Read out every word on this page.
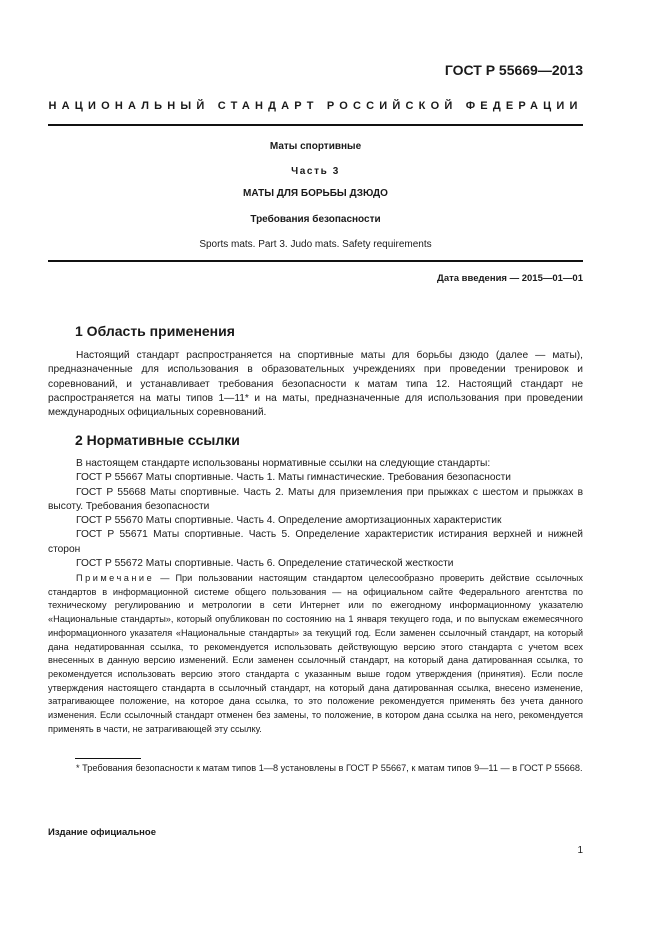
ГОСТ Р 55669—2013
НАЦИОНАЛЬНЫЙ СТАНДАРТ РОССИЙСКОЙ ФЕДЕРАЦИИ
Маты спортивные
Часть 3
МАТЫ ДЛЯ БОРЬБЫ ДЗЮДО
Требования безопасности
Sports mats. Part 3. Judo mats. Safety requirements
Дата введения — 2015—01—01
1 Область применения
Настоящий стандарт распространяется на спортивные маты для борьбы дзюдо (далее — маты), предназначенные для использования в образовательных учреждениях при проведении тренировок и соревнований, и устанавливает требования безопасности к матам типа 12. Настоящий стандарт не распространяется на маты типов 1—11* и на маты, предназначенные для использования при проведении международных официальных соревнований.
2 Нормативные ссылки
В настоящем стандарте использованы нормативные ссылки на следующие стандарты:
ГОСТ Р 55667 Маты спортивные. Часть 1. Маты гимнастические. Требования безопасности
ГОСТ Р 55668 Маты спортивные. Часть 2. Маты для приземления при прыжках с шестом и прыжках в высоту. Требования безопасности
ГОСТ Р 55670 Маты спортивные. Часть 4. Определение амортизационных характеристик
ГОСТ Р 55671 Маты спортивные. Часть 5. Определение характеристик истирания верхней и нижней сторон
ГОСТ Р 55672 Маты спортивные. Часть 6. Определение статической жесткости
Примечание — При пользовании настоящим стандартом целесообразно проверить действие ссылочных стандартов в информационной системе общего пользования — на официальном сайте Федерального агентства по техническому регулированию и метрологии в сети Интернет или по ежегодному информационному указателю «Национальные стандарты», который опубликован по состоянию на 1 января текущего года, и по выпускам ежемесячного информационного указателя «Национальные стандарты» за текущий год. Если заменен ссылочный стандарт, на который дана недатированная ссылка, то рекомендуется использовать действующую версию этого стандарта с учетом всех внесенных в данную версию изменений. Если заменен ссылочный стандарт, на который дана датированная ссылка, то рекомендуется использовать версию этого стандарта с указанным выше годом утверждения (принятия). Если после утверждения настоящего стандарта в ссылочный стандарт, на который дана датированная ссылка, внесено изменение, затрагивающее положение, на которое дана ссылка, то это положение рекомендуется применять без учета данного изменения. Если ссылочный стандарт отменен без замены, то положение, в котором дана ссылка на него, рекомендуется применять в части, не затрагивающей эту ссылку.
* Требования безопасности к матам типов 1—8 установлены в ГОСТ Р 55667, к матам типов 9—11 — в ГОСТ Р 55668.
Издание официальное
1
